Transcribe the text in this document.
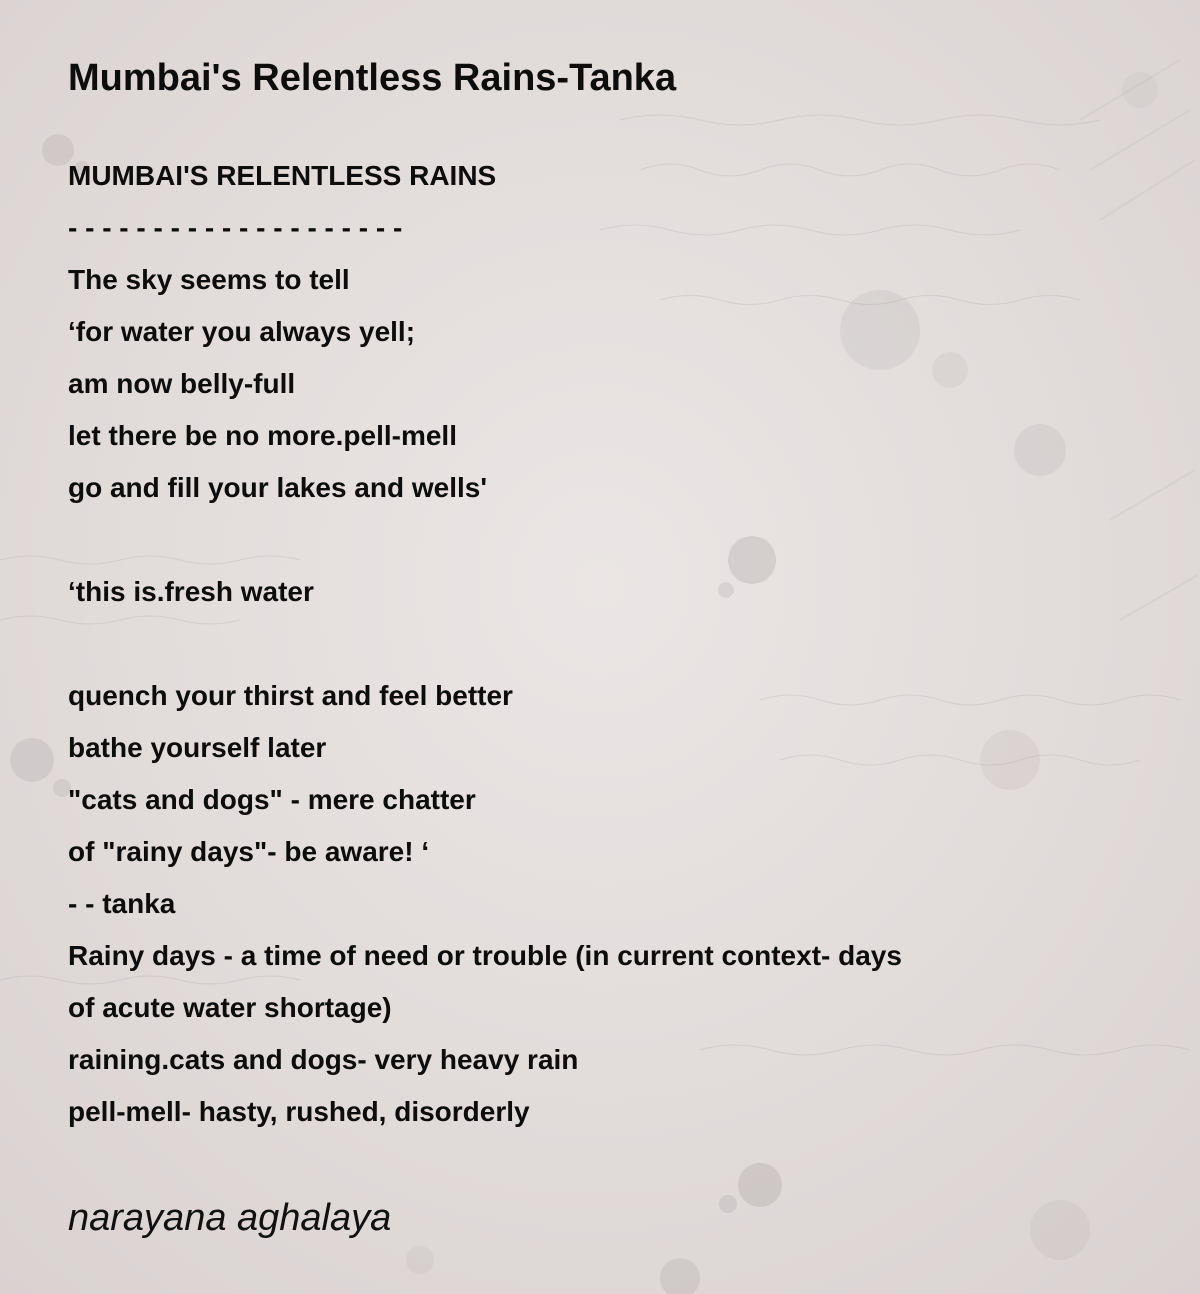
Mumbai's Relentless Rains-Tanka
MUMBAI'S RELENTLESS RAINS
- - - - - - - - - - - - - - - - - - - -
The sky seems to tell
‘for water you always yell;
am now belly-full
let there be no more.pell-mell
go and fill your lakes and wells'
‘this is.fresh water
quench your thirst and feel better
bathe yourself later
"cats and dogs" - mere chatter
of "rainy days"- be aware! ‘
- - tanka
Rainy days - a time of need or trouble (in current context- days
of acute water shortage)
raining.cats and dogs- very heavy rain
pell-mell- hasty, rushed, disorderly
narayana aghalaya
